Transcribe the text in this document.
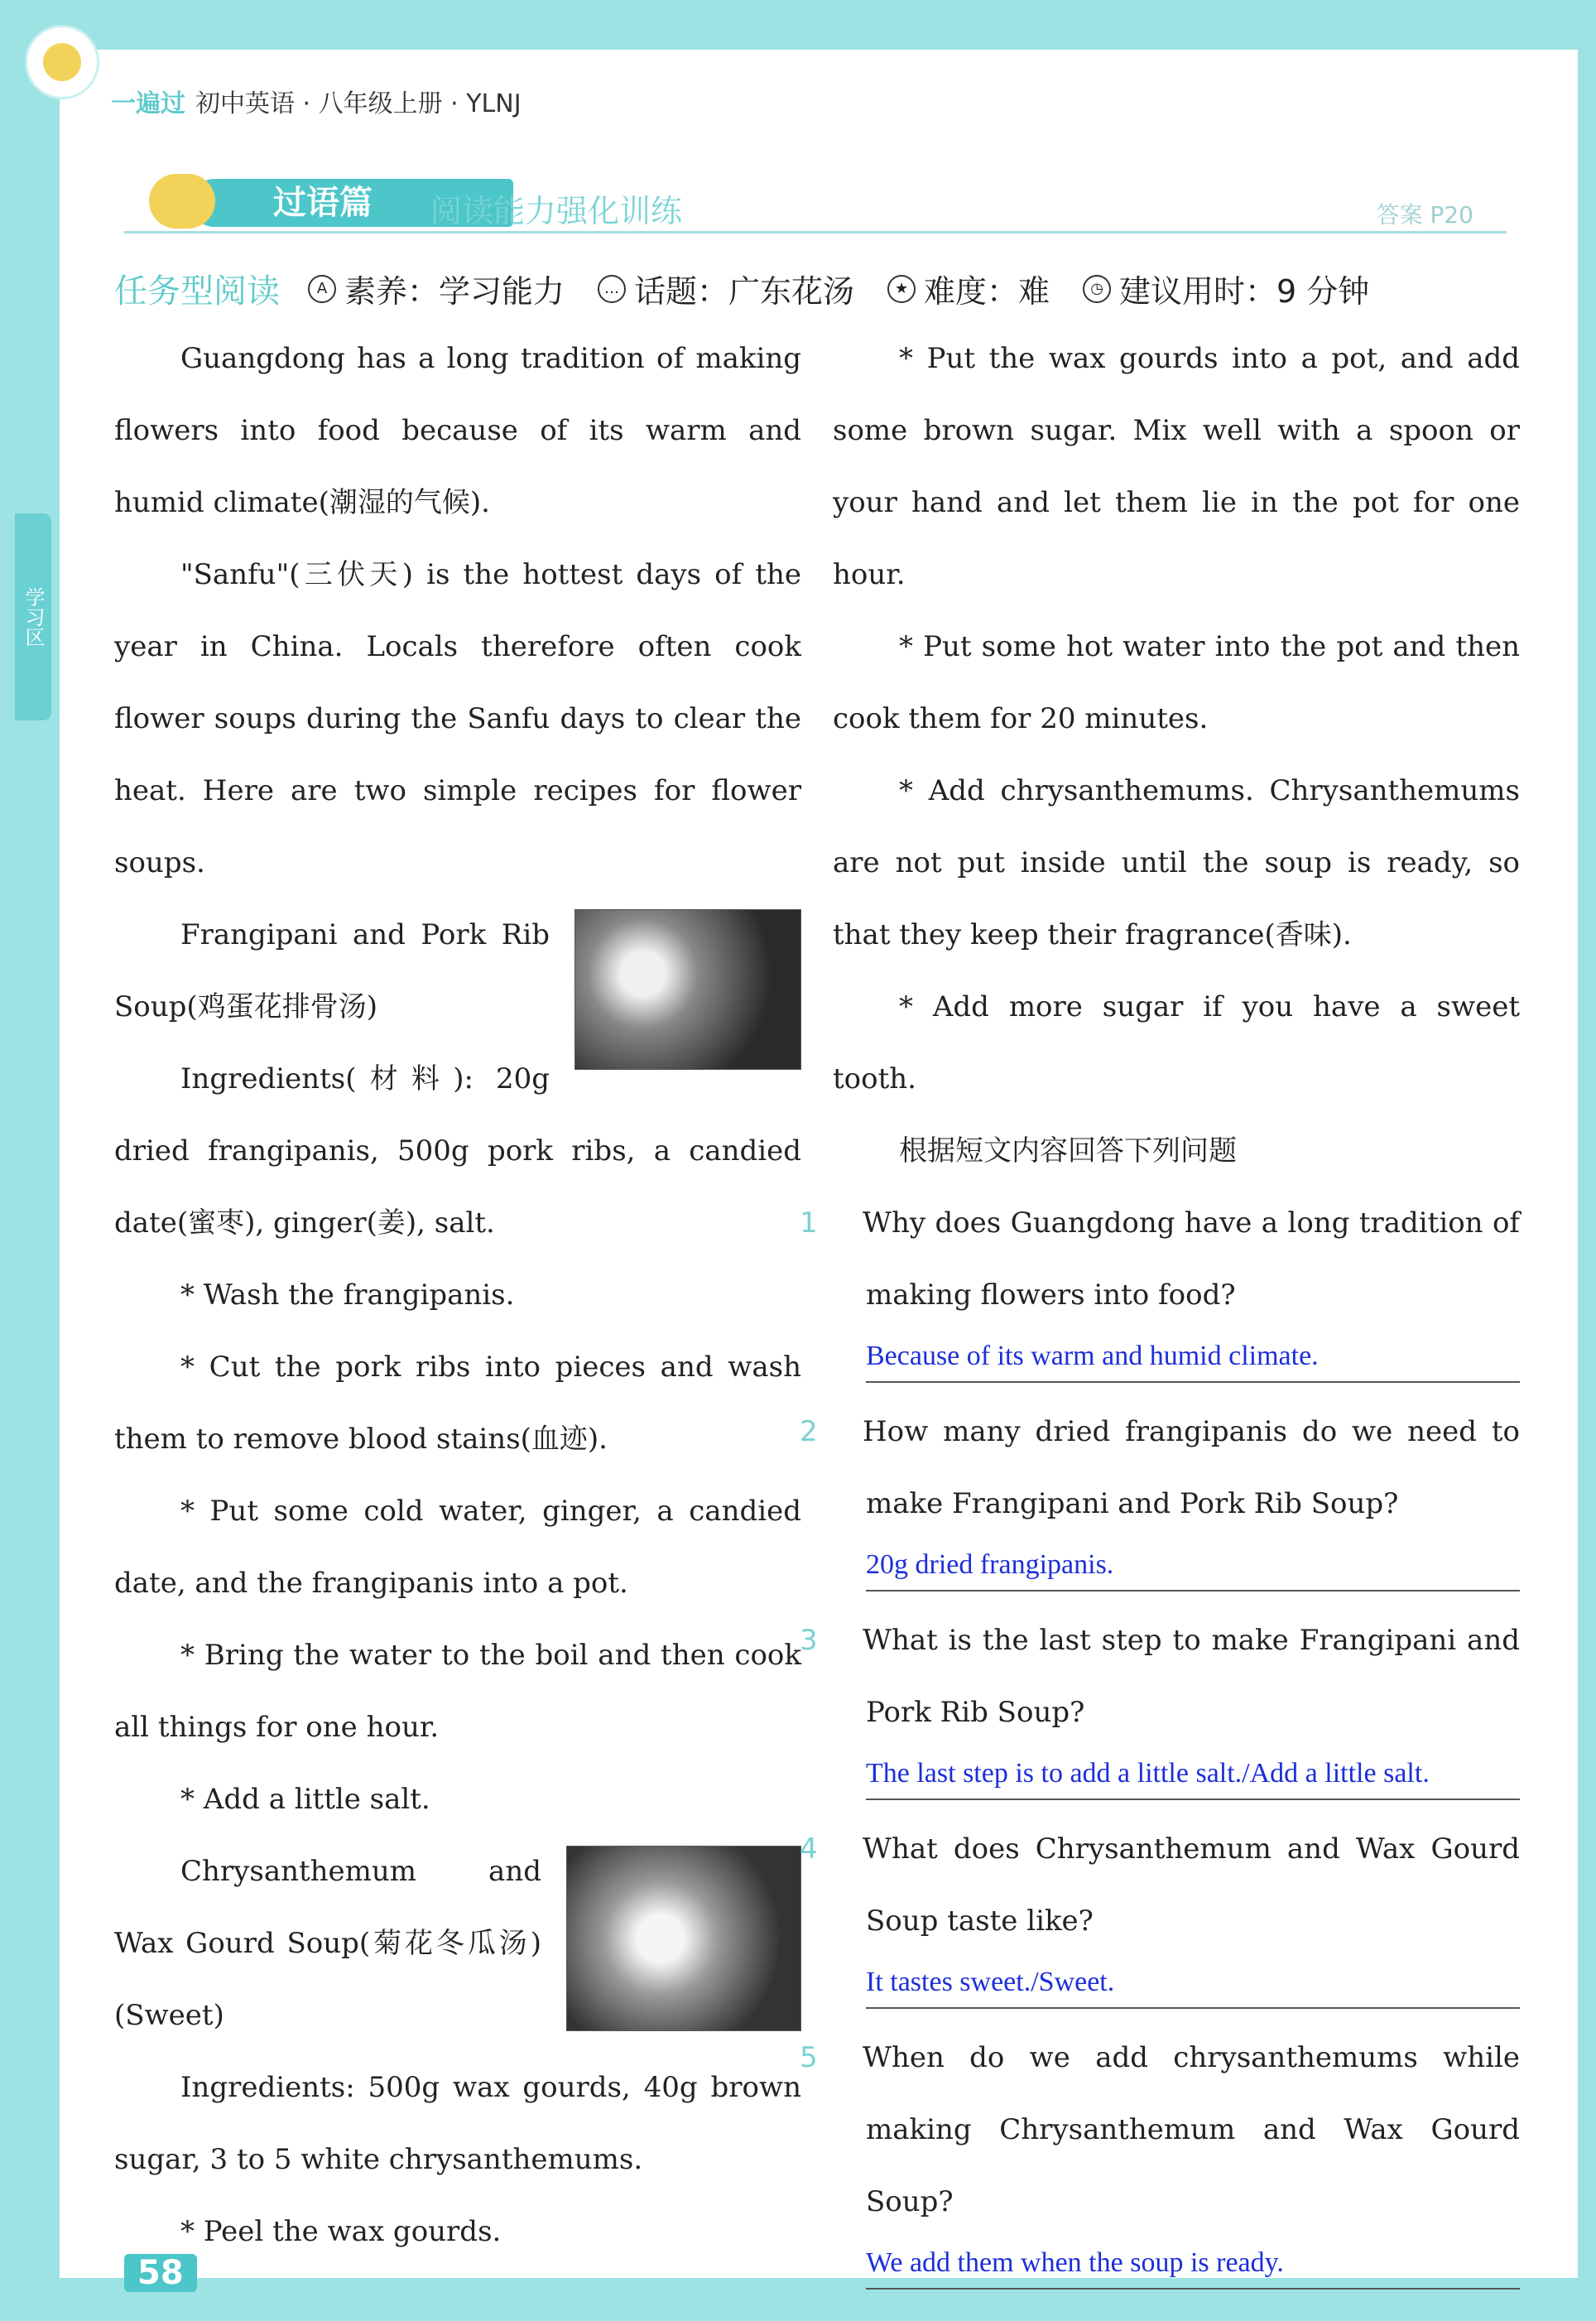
一遍过 初中英语 · 八年级上册 · YLNJ
学习区
过语篇	阅读能力强化训练	答案 P20
任务型阅读	A 素养：学习能力	… 话题：广东花汤	★ 难度：难	◷ 建议用时：9 分钟

Guangdong has a long tradition of making flowers into food because of its warm and humid climate(潮湿的气候).

"Sanfu"(三伏天) is the hottest days of the year in China. Locals therefore often cook flower soups during the Sanfu days to clear the heat. Here are two simple recipes for flower soups.

Frangipani and Pork Rib Soup(鸡蛋花排骨汤)

Ingredients(材料): 20g dried frangipanis, 500g pork ribs, a candied date(蜜枣), ginger(姜), salt.

* Wash the frangipanis.

* Cut the pork ribs into pieces and wash them to remove blood stains(血迹).

* Put some cold water, ginger, a candied date, and the frangipanis into a pot.

* Bring the water to the boil and then cook all things for one hour.

* Add a little salt.

Chrysanthemum and Wax Gourd Soup(菊花冬瓜汤)(Sweet)

Ingredients: 500g wax gourds, 40g brown sugar, 3 to 5 white chrysanthemums.

* Peel the wax gourds.

* Put the wax gourds into a pot, and add some brown sugar. Mix well with a spoon or your hand and let them lie in the pot for one hour.

* Put some hot water into the pot and then cook them for 20 minutes.

* Add chrysanthemums. Chrysanthemums are not put inside until the soup is ready, so that they keep their fragrance(香味).

* Add more sugar if you have a sweet tooth.

根据短文内容回答下列问题

1 Why does Guangdong have a long tradition of making flowers into food?

Because of its warm and humid climate.

2 How many dried frangipanis do we need to make Frangipani and Pork Rib Soup?

20g dried frangipanis.

3 What is the last step to make Frangipani and Pork Rib Soup?

The last step is to add a little salt./Add a little salt.

4 What does Chrysanthemum and Wax Gourd Soup taste like?

It tastes sweet./Sweet.

5 When do we add chrysanthemums while making Chrysanthemum and Wax Gourd Soup?

We add them when the soup is ready.
58
